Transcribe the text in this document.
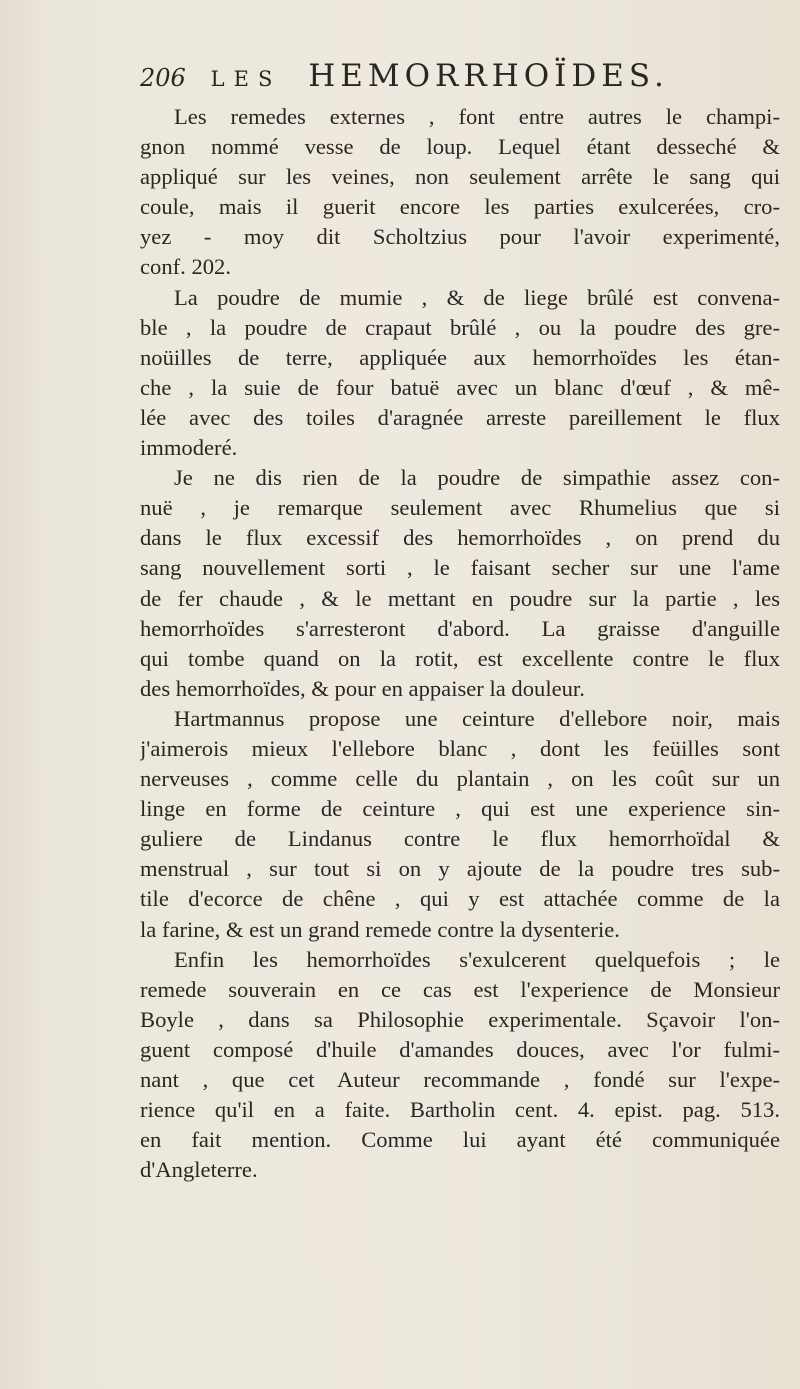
206 LES HEMORRHOÏDES.
Les remedes externes , font entre autres le champi-
gnon nommé vesse de loup. Lequel étant desseché &
appliqué sur les veines, non seulement arrête le sang qui
coule, mais il guerit encore les parties exulcerées, cro-
yez - moy dit Scholtzius pour l'avoir experimenté,
conf. 202.
La poudre de mumie , & de liege brûlé est convena-
ble , la poudre de crapaut brûlé , ou la poudre des gre-
noüilles de terre, appliquée aux hemorrhoïdes les étan-
che , la suie de four batuë avec un blanc d'œuf , & mê-
lée avec des toiles d'aragnée arreste pareillement le flux
immoderé.
Je ne dis rien de la poudre de simpathie assez con-
nuë , je remarque seulement avec Rhumelius que si
dans le flux excessif des hemorrhoïdes , on prend du
sang nouvellement sorti , le faisant secher sur une l'ame
de fer chaude , & le mettant en poudre sur la partie , les
hemorrhoïdes s'arresteront d'abord. La graisse d'anguille
qui tombe quand on la rotit, est excellente contre le flux
des hemorrhoïdes, & pour en appaiser la douleur.
Hartmannus propose une ceinture d'ellebore noir, mais
j'aimerois mieux l'ellebore blanc , dont les feüilles sont
nerveuses , comme celle du plantain , on les coût sur un
linge en forme de ceinture , qui est une experience sin-
guliere de Lindanus contre le flux hemorrhoïdal &
menstrual , sur tout si on y ajoute de la poudre tres sub-
tile d'ecorce de chêne , qui y est attachée comme de la
la farine, & est un grand remede contre la dysenterie.
Enfin les hemorrhoïdes s'exulcerent quelquefois ; le
remede souverain en ce cas est l'experience de Monsieur
Boyle , dans sa Philosophie experimentale. Sçavoir l'on-
guent composé d'huile d'amandes douces, avec l'or fulmi-
nant , que cet Auteur recommande , fondé sur l'expe-
rience qu'il en a faite. Bartholin cent. 4. epist. pag. 513.
en fait mention. Comme lui ayant été communiquée
d'Angleterre.
